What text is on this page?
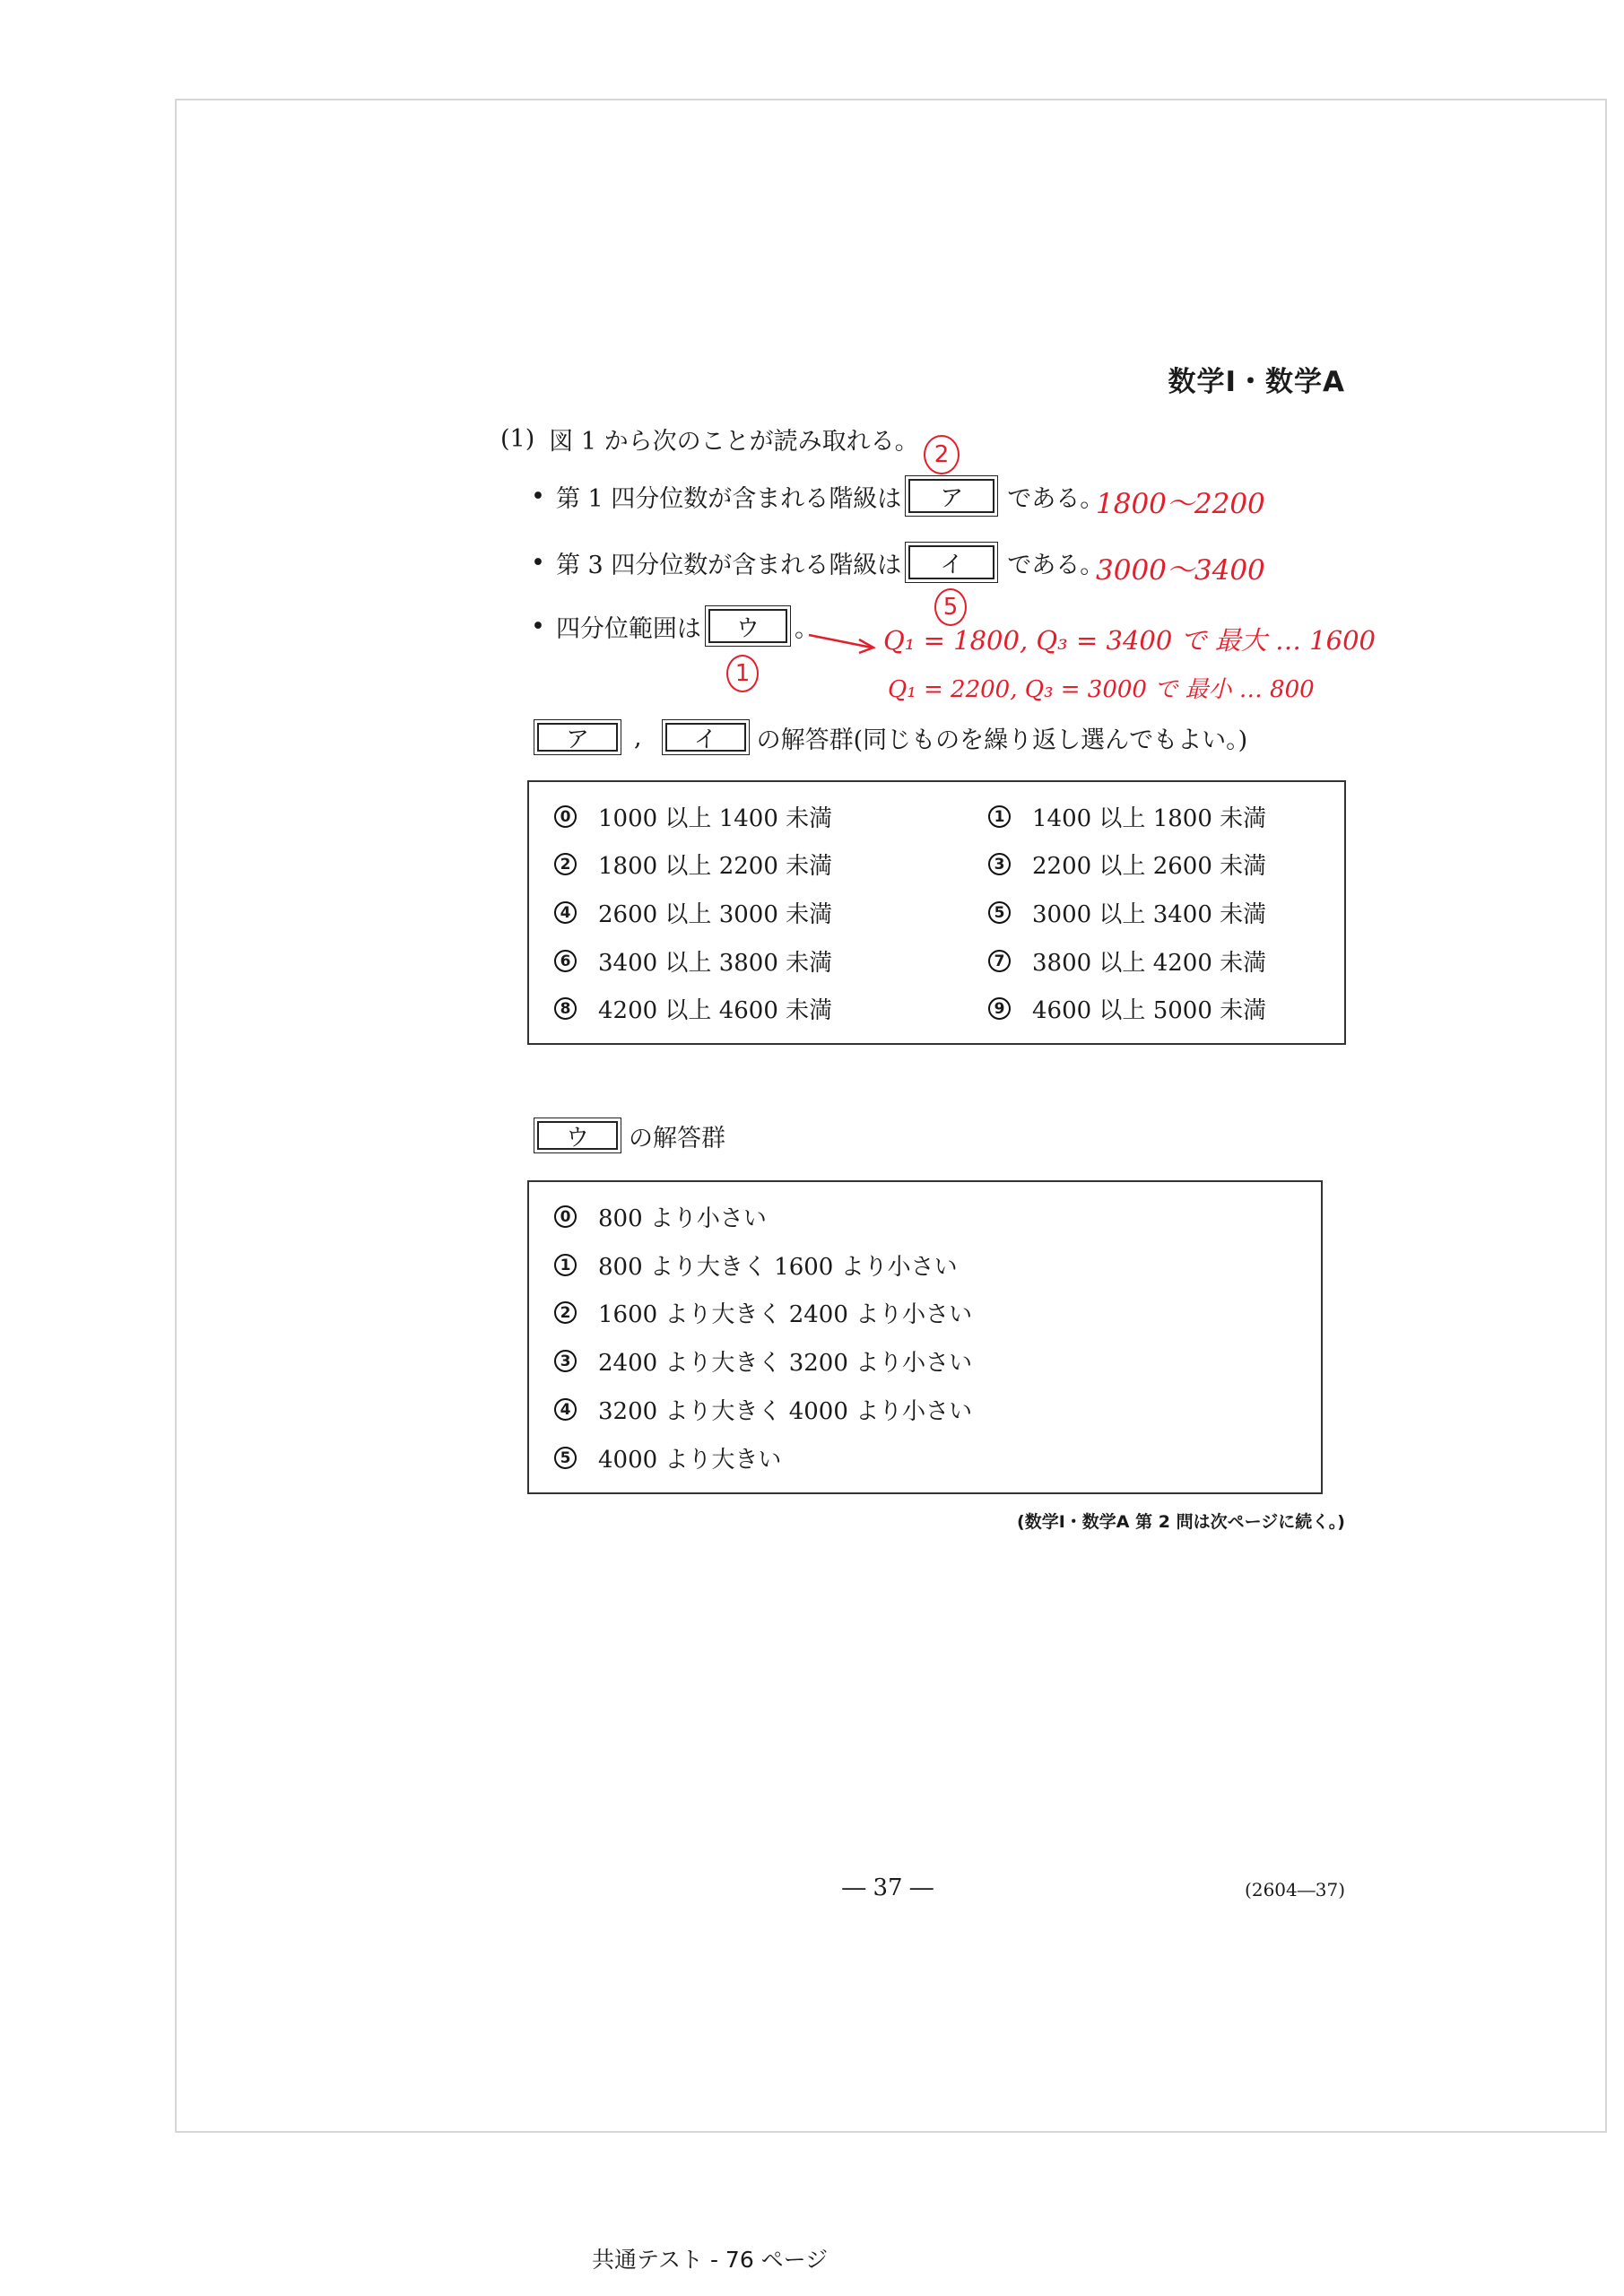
数学Ⅰ・数学A
(1) 図 1 から次のことが読み取れる。
• 第 1 四分位数が含まれる階級は	ア	である。
• 第 3 四分位数が含まれる階級は	イ	である。
• 四分位範囲は	ウ	。
2
5
1
1800〜2200
3000〜3400
Q₁ = 1800, Q₃ = 3400 で 最大 … 1600
Q₁ = 2200, Q₃ = 3000 で 最小 … 800
ア	,	イ	の解答群(同じものを繰り返し選んでもよい。)
0 1000 以上 1400 未満	1 1400 以上 1800 未満
2 1800 以上 2200 未満	3 2200 以上 2600 未満
4 2600 以上 3000 未満	5 3000 以上 3400 未満
6 3400 以上 3800 未満	7 3800 以上 4200 未満
8 4200 以上 4600 未満	9 4600 以上 5000 未満
ウ	の解答群
0 800 より小さい
1 800 より大きく 1600 より小さい
2 1600 より大きく 2400 より小さい
3 2400 より大きく 3200 より小さい
4 3200 より大きく 4000 より小さい
5 4000 より大きい
(数学Ⅰ・数学A 第 2 問は次ページに続く。)
― 37 ―	(2604―37)
共通テスト - 76 ページ
